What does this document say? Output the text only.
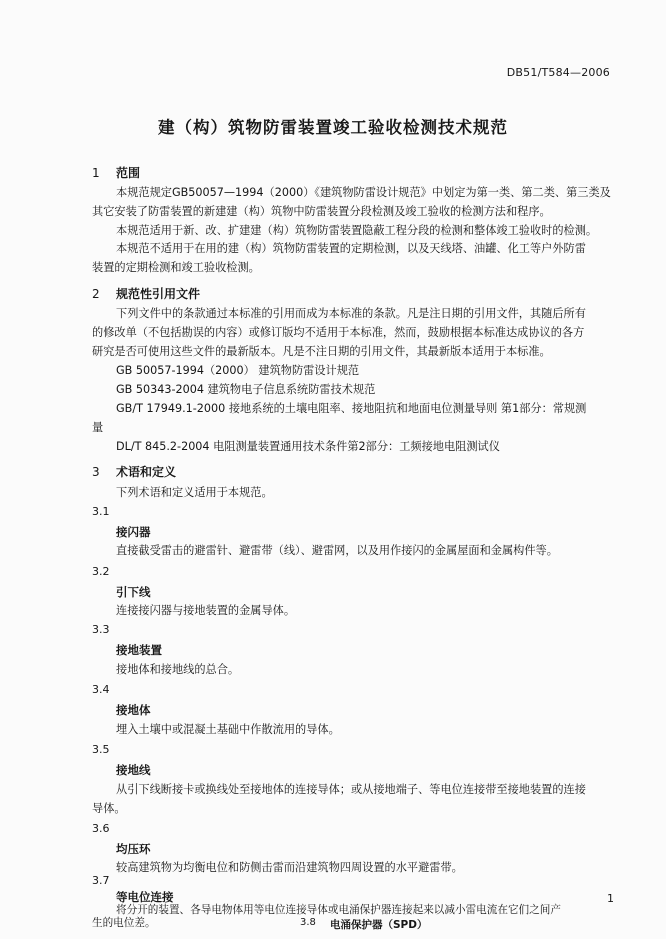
DB51/T584—2006
建（构）筑物防雷装置竣工验收检测技术规范
1 范围
本规范规定GB50057—1994（2000）《建筑物防雷设计规范》中划定为第一类、第二类、第三类及
其它安装了防雷装置的新建建（构）筑物中防雷装置分段检测及竣工验收的检测方法和程序。
本规范适用于新、改、扩建建（构）筑物防雷装置隐蔽工程分段的检测和整体竣工验收时的检测。
本规范不适用于在用的建（构）筑物防雷装置的定期检测，以及天线塔、油罐、化工等户外防雷
装置的定期检测和竣工验收检测。
2 规范性引用文件
下列文件中的条款通过本标准的引用而成为本标准的条款。凡是注日期的引用文件，其随后所有
的修改单（不包括勘误的内容）或修订版均不适用于本标准，然而，鼓励根据本标准达成协议的各方
研究是否可使用这些文件的最新版本。凡是不注日期的引用文件，其最新版本适用于本标准。
GB 50057-1994（2000） 建筑物防雷设计规范
GB 50343-2004 建筑物电子信息系统防雷技术规范
GB/T 17949.1-2000 接地系统的土壤电阻率、接地阻抗和地面电位测量导则 第1部分：常规测
量
DL/T 845.2-2004 电阻测量装置通用技术条件第2部分：工频接地电阻测试仪
3 术语和定义
下列术语和定义适用于本规范。
3.1
接闪器
直接截受雷击的避雷针、避雷带（线）、避雷网，以及用作接闪的金属屋面和金属构件等。
3.2
引下线
连接接闪器与接地装置的金属导体。
3.3
接地装置
接地体和接地线的总合。
3.4
接地体
埋入土壤中或混凝土基础中作散流用的导体。
3.5
接地线
从引下线断接卡或换线处至接地体的连接导体；或从接地端子、等电位连接带至接地装置的连接
导体。
3.6
均压环
较高建筑物为均衡电位和防侧击雷而沿建筑物四周设置的水平避雷带。
3.7
等电位连接
将分开的装置、各导电物体用等电位连接导体或电涌保护器连接起来以减小雷电流在它们之间产
生的电位差。	3.8 电涌保护器（SPD）
1
